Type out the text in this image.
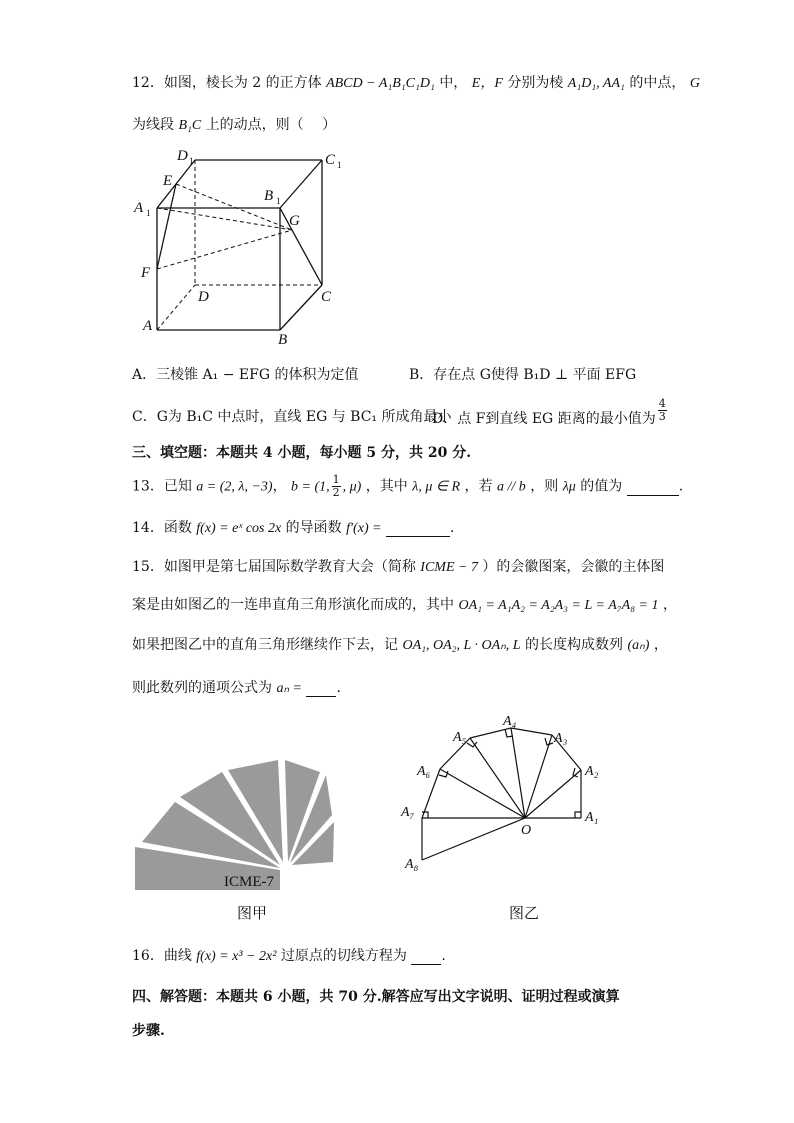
12．如图，棱长为 2 的正方体 ABCD − A₁B₁C₁D₁ 中， E，F 分别为棱 A₁D₁, AA₁ 的中点， G
为线段 B₁C 上的动点，则（　 ）
D 1	C 1
E
A 1
B 1
G
F
D	C
A
B
A．三棱锥 A₁ − EFG 的体积为定值	B．存在点 G使得 B₁D ⊥ 平面 EFG
C．G为 B₁C 中点时，直线 EG 与 BC₁ 所成角最小
D．点 F到直线 EG 距离的最小值为 $\frac{4}{3}$
三、填空题：本题共 4 小题，每小题 5 分，共 20 分.
13．已知 a = (2, λ, −3)， b = (1, $\frac{1}{2}$ , μ) ，其中 λ, μ ∈ R ，若 a // b ，则 λμ 的值为	.
14．函数 f(x) = eˣ cos 2x 的导函数 f′(x) =	.
15．如图甲是第七届国际数学教育大会（简称 ICME − 7 ）的会徽图案，会徽的主体图
案是由如图乙的一连串直角三角形演化而成的，其中 OA₁ = A₁A₂ = A₂A₃ = L = A₇A₈ = 1 ，
如果把图乙中的直角三角形继续作下去，记 OA₁, OA₂, L · OAₙ, L 的长度构成数列 (aₙ) ，
则此数列的通项公式为 aₙ = .
ICME-7
图甲
A₁
A₂
A₃
A₄
A₅
A₆
A₇
A₈
O
图乙
16．曲线 f(x) = x³ − 2x² 过原点的切线方程为 .
四、解答题：本题共 6 小题，共 70 分.解答应写出文字说明、证明过程或演算
步骤.
